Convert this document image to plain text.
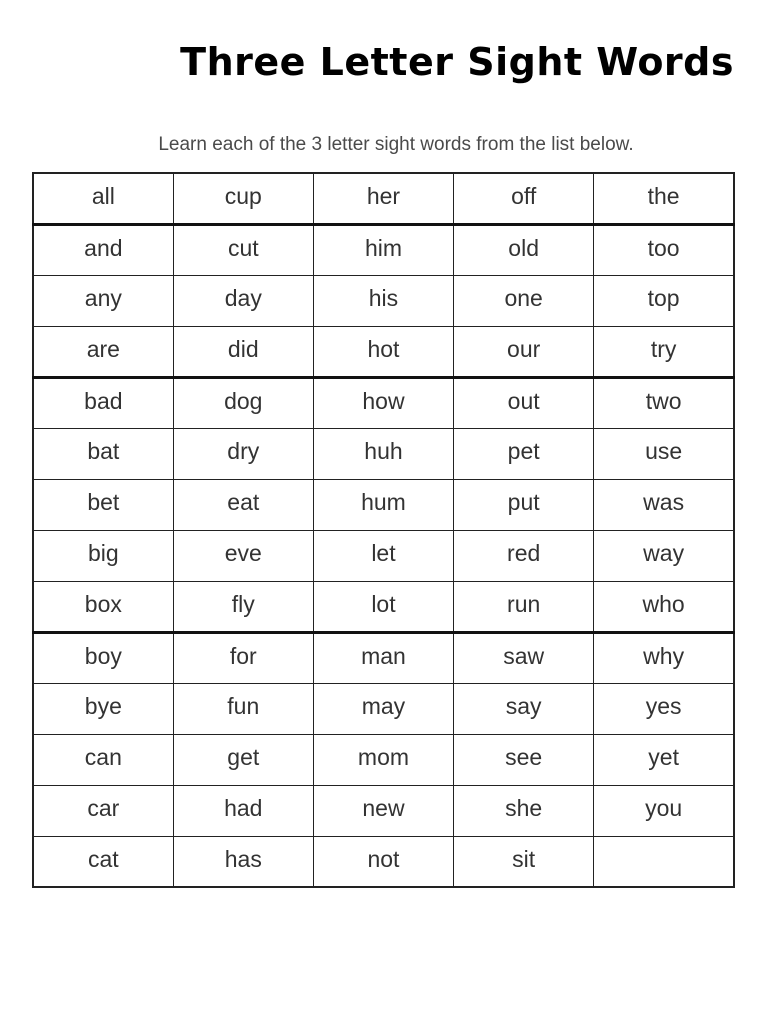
Three Letter Sight Words

Learn each of the 3 letter sight words from the list below.

all	cup	her	off	the
and	cut	him	old	too
any	day	his	one	top
are	did	hot	our	try
bad	dog	how	out	two
bat	dry	huh	pet	use
bet	eat	hum	put	was
big	eve	let	red	way
box	fly	lot	run	who
boy	for	man	saw	why
bye	fun	may	say	yes
can	get	mom	see	yet
car	had	new	she	you
cat	has	not	sit	
